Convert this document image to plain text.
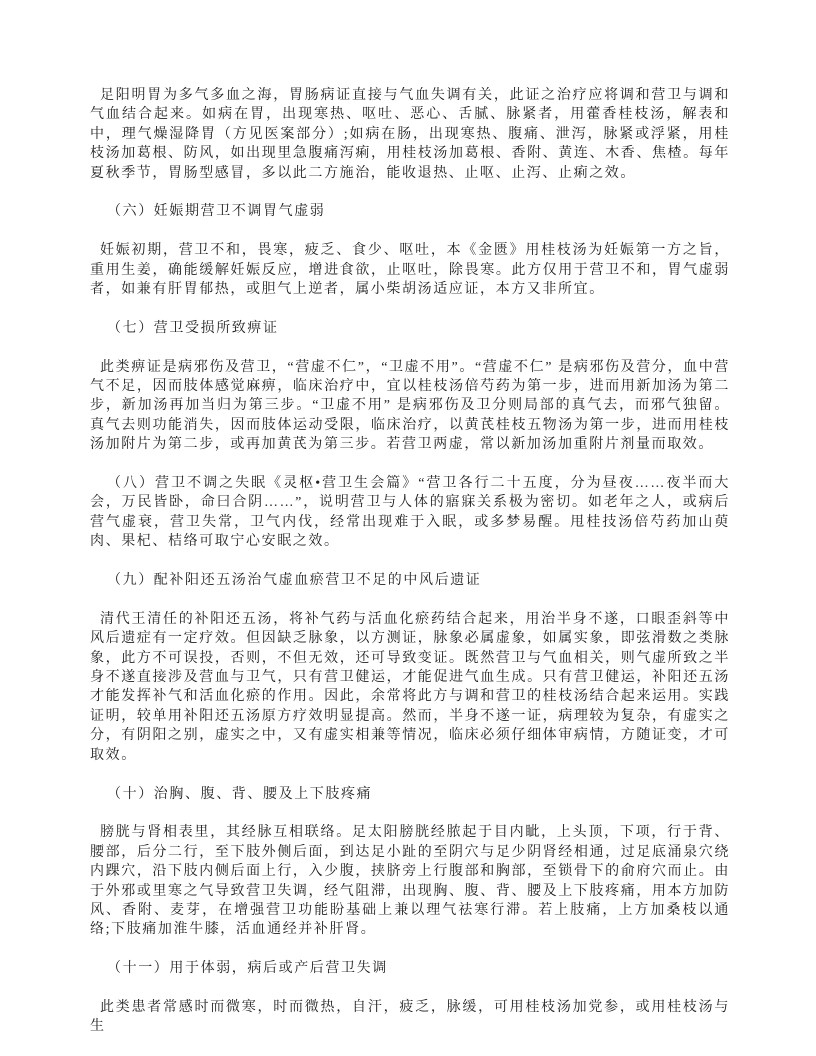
足阳明胃为多气多血之海，胃肠病证直接与气血失调有关，此证之治疗应将调和营卫与调和气血结合起来。如病在胃，出现寒热、呕吐、恶心、舌腻、脉紧者，用藿香桂枝汤，解表和中，理气燥湿降胃（方见医案部分）;如病在肠，出现寒热、腹痛、泄泻，脉紧或浮紧，用桂枝汤加葛根、防风，如出现里急腹痛泻痢，用桂枝汤加葛根、香附、黄连、木香、焦楂。每年夏秋季节，胃肠型感冒，多以此二方施治，能收退热、止呕、止泻、止痢之效。

（六）妊娠期营卫不调胃气虚弱

妊娠初期，营卫不和，畏寒，疲乏、食少、呕吐，本《金匮》用桂枝汤为妊娠第一方之旨，重用生姜，确能缓解妊娠反应，增进食欲，止呕吐，除畏寒。此方仅用于营卫不和，胃气虚弱者，如兼有肝胃郁热，或胆气上逆者，属小柴胡汤适应证，本方又非所宜。

（七）营卫受损所致痹证

此类痹证是病邪伤及营卫，“营虚不仁”，“卫虚不用”。“营虚不仁” 是病邪伤及营分，血中营气不足，因而肢体感觉麻痹，临床治疗中，宜以桂枝汤倍芍药为第一步，进而用新加汤为第二步，新加汤再加当归为第三步。“卫虚不用” 是病邪伤及卫分则局部的真气去，而邪气独留。真气去则功能消失，因而肢体运动受限，临床治疗，以黄芪桂枝五物汤为第一步，进而用桂枝汤加附片为第二步，或再加黄芪为第三步。若营卫两虚，常以新加汤加重附片剂量而取效。

（八）营卫不调之失眠《灵枢•营卫生会篇》“营卫各行二十五度，分为昼夜……夜半而大会，万民皆卧，命曰合阴……”，说明营卫与人体的寤寐关系极为密切。如老年之人，或病后营气虚衰，营卫失常，卫气内伐，经常出现难于入眠，或多梦易醒。甩桂技汤倍芍药加山萸肉、果杞、桔络可取宁心安眠之效。

（九）配补阳还五汤治气虚血瘀营卫不足的中风后遗证

清代王清任的补阳还五汤，将补气药与活血化瘀药结合起来，用治半身不遂，口眼歪斜等中风后遗症有一定疗效。但因缺乏脉象，以方测证，脉象必属虚象，如属实象，即弦滑数之类脉象，此方不可误投，否则，不但无效，还可导致变证。既然营卫与气血相关，则气虚所致之半身不遂直接涉及营血与卫气，只有营卫健运，才能促进气血生成。只有营卫健运，补阳还五汤才能发挥补气和活血化瘀的作用。因此，余常将此方与调和营卫的桂枝汤结合起来运用。实践证明，较单用补阳还五汤原方疗效明显提高。然而，半身不遂一证，病理较为复杂，有虚实之分，有阴阳之别，虚实之中，又有虚实相兼等情况，临床必须仔细体审病情，方随证变，才可取效。

（十）治胸、腹、背、腰及上下肢疼痛

膀胱与肾相表里，其经脉互相联络。足太阳膀胱经脓起于目内眦，上头顶，下项，行于背、腰部，后分二行，至下肢外侧后面，到达足小趾的至阴穴与足少阴肾经相通，过足底涌泉穴绕内踝穴，沿下肢内侧后面上行，入少腹，挟脐旁上行腹部和胸部，至锁骨下的俞府穴而止。由于外邪或里寒之气导致营卫失调，经气阻滞，出现胸、腹、背、腰及上下肢疼痛，用本方加防风、香附、麦芽，在增强营卫功能盼基础上兼以理气祛寒行滞。若上肢痛，上方加桑枝以通络;下肢痛加淮牛膝，活血通经并补肝肾。

（十一）用于体弱，病后或产后营卫失调

此类患者常感时而微寒，时而微热，自汗，疲乏，脉缓，可用桂枝汤加党参，或用桂枝汤与生
